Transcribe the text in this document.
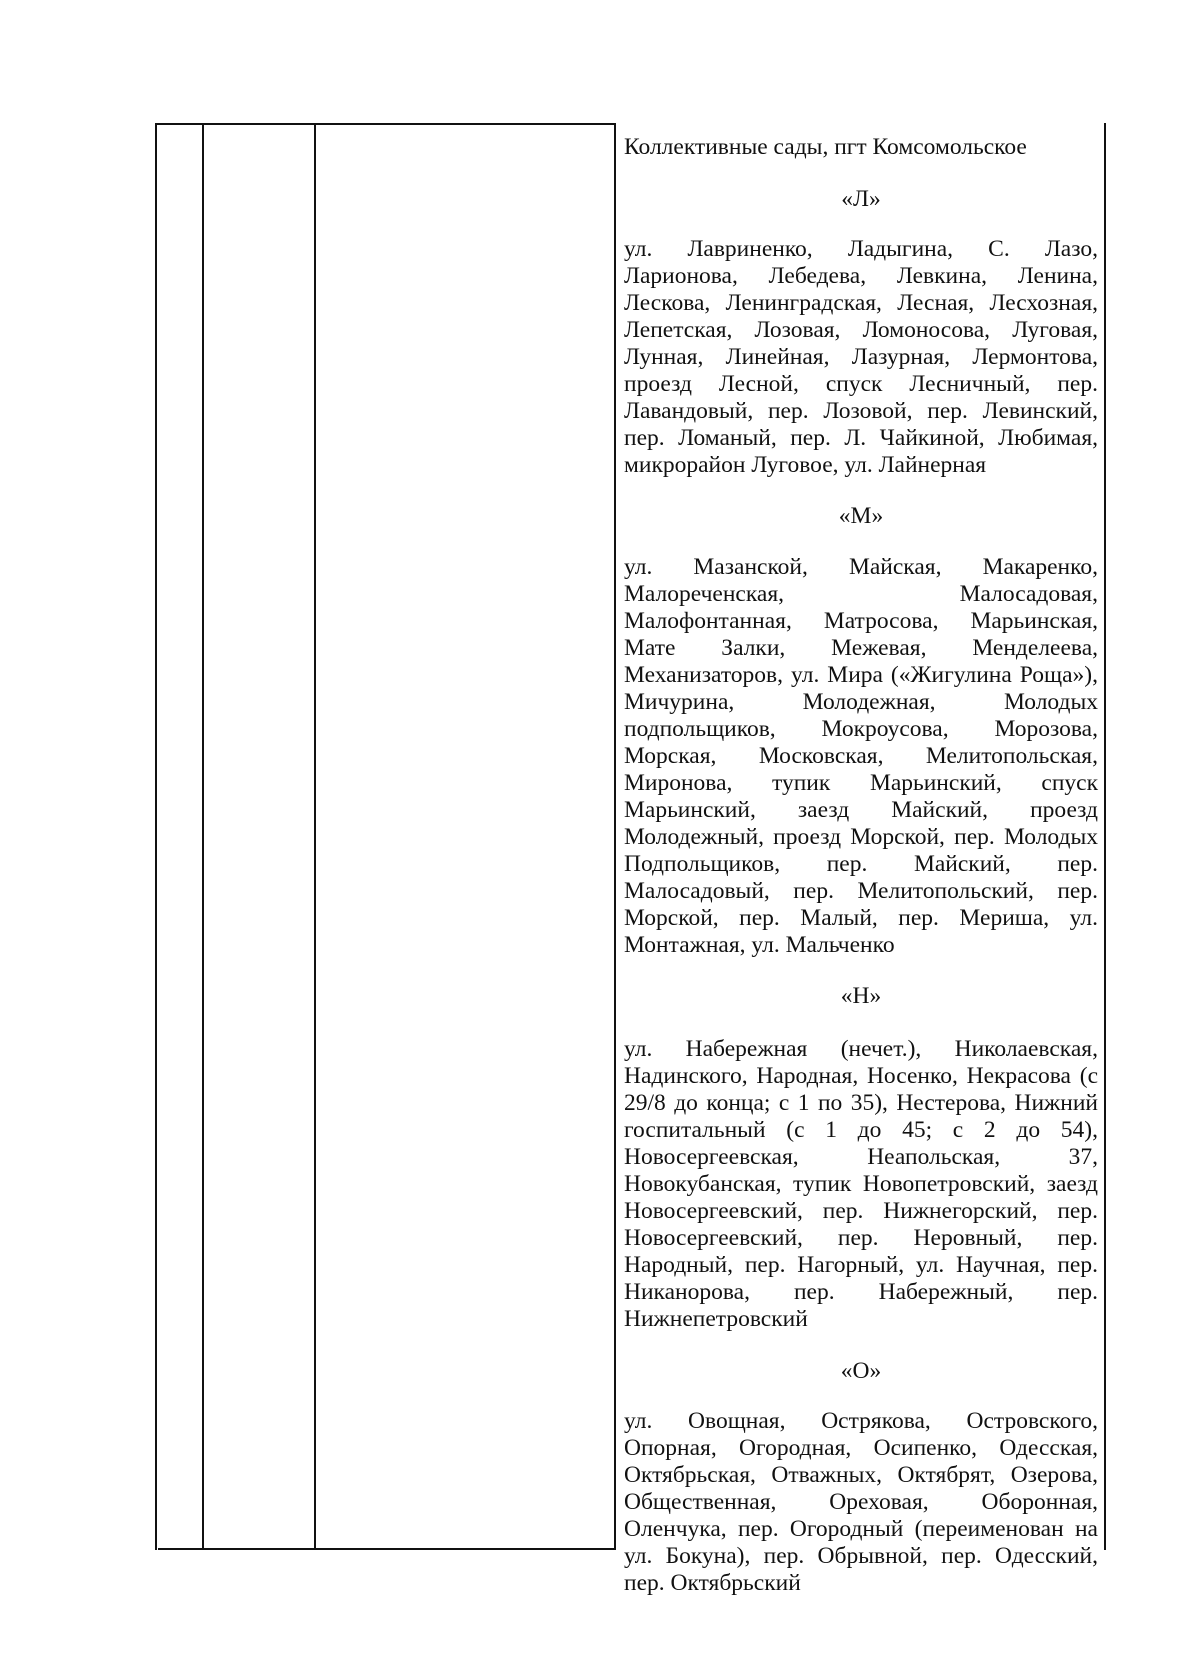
Коллективные сады, пгт Комсомольское

«Л»

ул. Лавриненко, Ладыгина, С. Лазо, Ларионова, Лебедева, Левкина, Ленина, Лескова, Ленинградская, Лесная, Лесхозная, Лепетская, Лозовая, Ломоносова, Луговая, Лунная, Линейная, Лазурная, Лермонтова, проезд Лесной, спуск Лесничный, пер. Лавандовый, пер. Лозовой, пер. Левинский, пер. Ломаный, пер. Л. Чайкиной, Любимая, микрорайон Луговое, ул. Лайнерная

«М»

ул. Мазанской, Майская, Макаренко, Малореченская, Малосадовая, Малофонтанная, Матросова, Марьинская, Мате Залки, Межевая, Менделеева, Механизаторов, ул. Мира («Жигулина Роща»), Мичурина, Молодежная, Молодых подпольщиков, Мокроусова, Морозова, Морская, Московская, Мелитопольская, Миронова, тупик Марьинский, спуск Марьинский, заезд Майский, проезд Молодежный, проезд Морской, пер. Молодых Подпольщиков, пер. Майский, пер. Малосадовый, пер. Мелитопольский, пер. Морской, пер. Малый, пер. Мериша, ул. Монтажная, ул. Мальченко

«Н»

ул. Набережная (нечет.), Николаевская, Надинского, Народная, Носенко, Некрасова (с 29/8 до конца; с 1 по 35), Нестерова, Нижний госпитальный (с 1 до 45; с 2 до 54), Новосергеевская, Неапольская, 37, Новокубанская, тупик Новопетровский, заезд Новосергеевский, пер. Нижнегорский, пер. Новосергеевский, пер. Неровный, пер. Народный, пер. Нагорный, ул. Научная, пер. Никанорова, пер. Набережный, пер. Нижнепетровский

«О»

ул. Овощная, Острякова, Островского, Опорная, Огородная, Осипенко, Одесская, Октябрьская, Отважных, Октябрят, Озерова, Общественная, Ореховая, Оборонная, Оленчука, пер. Огородный (переименован на ул. Бокуна), пер. Обрывной, пер. Одесский, пер. Октябрьский
